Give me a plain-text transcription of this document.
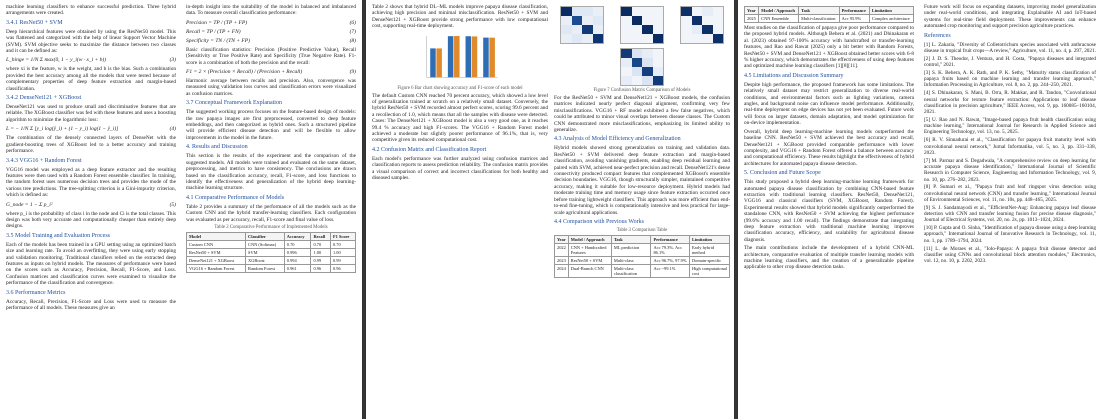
machine learning classifiers to enhance successful prediction. Three hybrid arrangements were created.

3.4.1 ResNet50 + SVM

Deep hierarchical features were obtained by using the ResNet50 model. This was flattened and categorized with the help of linear Support Vector Machine (SVM). SVM objective seeks to maximize the distance between two classes and it can be defined as:

L_hinge = 1/N Σ max(0, 1 − y_i(w · x_i + b))	(3)

where xi is the feature, w is the weight, and b is the bias. Such a combination provided the best accuracy among all the models that were tested because of complementary properties of deep feature extraction and margin-based classification.

3.4.2 DenseNet121 + XGBoost

DenseNet121 was used to produce small and discriminative features that are reliable. The XGBoost classifier was fed with these features and uses a boosting algorithm to minimize the logarithmic loss:

L = − 1/N Σ [y_i log(ŷ_i) + (1 − y_i) log(1 − ŷ_i)]	(4)

The combination of the densely connected layers of DenseNet with the gradient-boosting trees of XGBoost led to a better accuracy and training performance.

3.4.3 VGG16 + Random Forest

VGG16 model was employed as a deep feature extractor and the resulting features were then used with a Random Forest ensemble classifier. In training, the random forest uses numerous decision trees and provides the mode of the various tree predictions. The tree-splitting criterion is a Gini-impurity criterion, which is defined as:

G_node = 1 − Σ p_i²	(5)

where p_i is the probability of class i in the node and Ci is the total classes. This design was both very accurate and computationally cheaper than entirely deep designs.

3.5 Model Training and Evaluation Process

Each of the models has been trained in a GPU setting using an optimized batch size and learning rate. To avoid an overfitting, they were using early stopping and validation monitoring. Traditional classifiers relied on the extracted deep features as inputs on hybrid models. The measures of performance were based on the scores such as Accuracy, Precision, Recall, F1-Score, and Loss. Confusion matrices and classification curves were examined to visualize the performance of the classification and convergence.

3.6 Performance Metrics

Accuracy, Recall, Precision, F1-Score and Loss were used to measure the performance of all models. These measures give an

in-depth insight into the suitability of the model in balanced and imbalanced data. To measure overall classification performance:

Precision = TP / (TP + FP)	(6)
Recall = TP / (TP + FN)	(7)
Specificity = TN / (TN + FP)	(8)

Basic classification statistics: Precision (Positive Predictive Value), Recall (Sensitivity or True Positive Rate) and Specificity (True Negative Rate). F1-score is a combination of both the precision and the recall:

F1 = 2 × (Precision × Recall) / (Precision + Recall)	(9)

Harmonic average between recalls and precision. Also, convergence was measured using validation loss curves and classification errors were visualized as confusion matrices.

3.7 Conceptual Framework Explanation

The suggested working process focuses on the feature-based design of models: the raw papaya images are first preprocessed, converted to deep feature embeddings, and then categorized as hybrid ones. Such a structured pipeline will provide efficient disease detection and will be flexible to allow improvements in the model in the future.

4. Results and Discussion

This section is the results of the experiment and the comparison of the suggested models. All models were trained and evaluated on the same dataset, preprocessing, and metrics to have consistency. The conclusions are drawn based on the classification accuracy, recall, F1-score, and loss functions to identify the effectiveness and generalization of the hybrid deep learning-machine learning structure.

4.1 Comparative Performance of Models

Table 2 provides a summary of the performance of all the models such as the Custom CNN and the hybrid transfer-learning classifiers. Each configuration was evaluated as per accuracy, recall, F1-score and final value of loss.

Table 2 Comparative Performance of Implemented Models
Model	Classifier	Accuracy	Recall	F1 Score
Custom CNN	CNN (Softmax)	0.70	0.70	0.70
ResNet50 + SVM	SVM	0.996	1.00	1.00
DenseNet121 + XGBoost	XGBoost	0.994	0.99	0.99
VGG16 + Random Forest	Random Forest	0.961	0.96	0.96

Table 2 shows that hybrid DL–ML models improve papaya disease classification, achieving high precision and minimal misclassification. ResNet50 + SVM and DenseNet121 + XGBoost provide strong performance with low computational cost, supporting real-time deployment.

Figure 6 Bar chart showing accuracy and F1-score of each model

The default Custom CNN reached 70 percent accuracy, which showed a low level of generalization trained at scratch on a relatively small dataset. Conversely, the hybrid ResNet50 + SVM recorded almost perfect scores, scoring 99.6 percent and a recollection of 1.0, which means that all the samples with disease were detected. Cases: The DenseNet121 + XGBoost model is also a very good one, as it reaches 99.4 % accuracy and high F1-scores. The VGG16 + Random Forest model achieved a moderate but slightly poorer performance of 96.1%, that is, very competitive given its reduced computational cost.

4.2 Confusion Matrix and Classification Report

Each model's performance was further analyzed using confusion matrices and classification reports to assess prediction reliability. The confusion matrix provides a visual comparison of correct and incorrect classifications for both healthy and diseased samples.

Figure 7 Confusion Matrix Comparison of Models

For the ResNet50 + SVM and DenseNet121 + XGBoost models, the confusion matrices indicated nearly perfect diagonal alignment, confirming very few misclassifications. VGG16 + RF model exhibited a few false negatives, which could be attributed to minor visual overlaps between disease classes. The Custom CNN demonstrated more misclassifications, emphasizing its limited ability to generalize.

4.3 Analysis of Model Efficiency and Generalization

Hybrid models showed strong generalization on training and validation data. ResNet50 + SVM delivered deep feature extraction and margin-based classification, avoiding vanishing gradients, enabling deep residual learning and paired with SVM, achieved near-perfect precision and recall. DenseNet121's dense connectivity produced compact features that complemented XGBoost's ensemble decision boundaries. VGG16, though structurally simpler, maintained competitive accuracy, making it suitable for low-resource deployment. Hybrid models had moderate training time and memory usage since feature extraction occurred once before training lightweight classifiers. This approach was more efficient than end-to-end fine-tuning, which is computationally intensive and less practical for large-scale agricultural applications.

4.4 Comparison with Previous Works
Table 3 Comparison Table
Year	Model / Approach	Task	Performance	Limitation
2022	CNN + Handcrafted Features	ML prediction	Acc 79.3%, Acc 86.1%	Early hybrid method
2023	ResNet50 + SVM	Multi-class	Acc 96.7%, 97.9%	Domain-specific
2024	Dual-Branch CNN	Multi-class classification	Acc ~99.1%	High computational cost
Year	Model / Approach	Task	Performance	Limitation
2025	CNN Ensemble	Multi-classification	Acc 95.9%	Complex architecture

Most studies on the classification of papaya give poor performance compared to the proposed hybrid models. Although Behera et al. (2021) and Dhinakaran et al. (2023) obtained 97-100% accuracy with handcrafted or transfer-learning features, and Rao and Rawat (2025) only a bit better with Random Forests, ResNet50 + SVM and DenseNet121 + XGBoost obtained better scores with 6-8 % higher accuracy, which demonstrates the effectiveness of using deep features and optimized machine learning classifiers [1][8][11].

4.5 Limitations and Discussion Summary

Despite high performance, the proposed framework has some limitations. The relatively small dataset may restrict generalization to diverse real-world conditions, and environmental factors such as lighting variations, camera angles, and background noise can influence model performance. Additionally, real-time deployment on edge devices has not yet been evaluated. Future work will focus on larger datasets, domain adaptation, and model optimization for on-device implementation.

Overall, hybrid deep learning-machine learning models outperformed the baseline CNN. ResNet50 + SVM achieved the best accuracy and recall, DenseNet121 + XGBoost provided comparable performance with lower complexity, and VGG16 + Random Forest offered a balance between accuracy and computational efficiency. These results highlight the effectiveness of hybrid architectures for automated papaya disease detection.

5. Conclusion and Future Scope

This study proposed a hybrid deep learning-machine learning framework for automated papaya disease classification by combining CNN-based feature extraction with traditional learning classifiers. ResNet50, DenseNet121, VGG16 and classical classifiers (SVM, XGBoost, Random Forest). Experimental results showed that hybrid models significantly outperformed the standalone CNN, with ResNet50 + SVM achieving the highest performance (99.6% accuracy and 1.00 recall). The findings demonstrate that integrating deep feature extraction with traditional machine learning improves classification accuracy, efficiency, and scalability for agricultural disease diagnosis.

The main contributions include the development of a hybrid CNN-ML architecture, comparative evaluation of multiple transfer learning models with machine learning classifiers, and the creation of a generalizable pipeline applicable to other crop disease detection tasks.

Future work will focus on expanding datasets, improving model generalization under real-world conditions, and integrating Explainable AI and IoT-based systems for real-time field deployment. These improvements can enhance automated crop monitoring and support precision agriculture practices.

References

[1] L. Zakaria, "Diversity of Colletotrichum species associated with anthracnose disease in tropical fruit crops—A review," Agriculture, vol. 11, no. 4, p. 297, 2021.

[2] J. D. S. Theodor, J. Ventura, and H. Costa, "Papaya diseases and integrated control," 2021.

[3] S. K. Behera, A. K. Rath, and P. K. Sethy, "Maturity status classification of papaya fruits based on machine learning and transfer learning approach," Information Processing in Agriculture, vol. 8, no. 2, pp. 244–250, 2021.

[4] S. Dhinakaran, S. Mani, B. Orra, R. Makkar, and R. Tandon, "Convolutional neural networks for texture feature extraction: Applications to leaf disease classification in precision agriculture," IEEE Access, vol. 9, pp. 160085–160104, 2021.

[5] U. Rao and N. Rawat, "Image-based papaya fruit health classification using machine learning," International Journal for Research in Applied Science and Engineering Technology, vol. 13, no. 5, 2025.

[6] R. V. Sinnadurai et al., "Classification for papaya fruit maturity level with convolutional neural network," Jurnal Informatika, vol. 5, no. 3, pp. 331–338, 2023.

[7] M. Parmar and S. Degadwala, "A comprehensive review on deep learning for accurate papaya disease identification," International Journal of Scientific Research in Computer Science, Engineering and Information Technology, vol. 9, no. 10, pp. 276–282, 2023.

[8] P. Sumari et al., "Papaya fruit and leaf ringspot virus detection using convolutional neural network (CNN) and transfer learning," International Journal of Environmental Sciences, vol. 11, no. 10s, pp. 448–465, 2025.

[9] S. J. Sandamayodi et al., "EfficientNet-Aug: Enhancing papaya leaf disease detection with CNN and transfer learning fusion for precise disease diagnosis," Journal of Electrical Systems, vol. 20, no. 2s, pp. 1013–1024, 2024.

[10] P. Gupta and O. Sinha, "Identification of papaya disease using a deep learning approach," International Journal of Innovative Research in Technology, vol. 11, no. 1, pp. 1789–1794, 2024.

[11] L. de Moraes et al., "Iolo-Papaya: A papaya fruit disease detector and classifier using CNNs and convolutional block attention modules," Electronics, vol. 12, no. 10, p. 2202, 2023.
